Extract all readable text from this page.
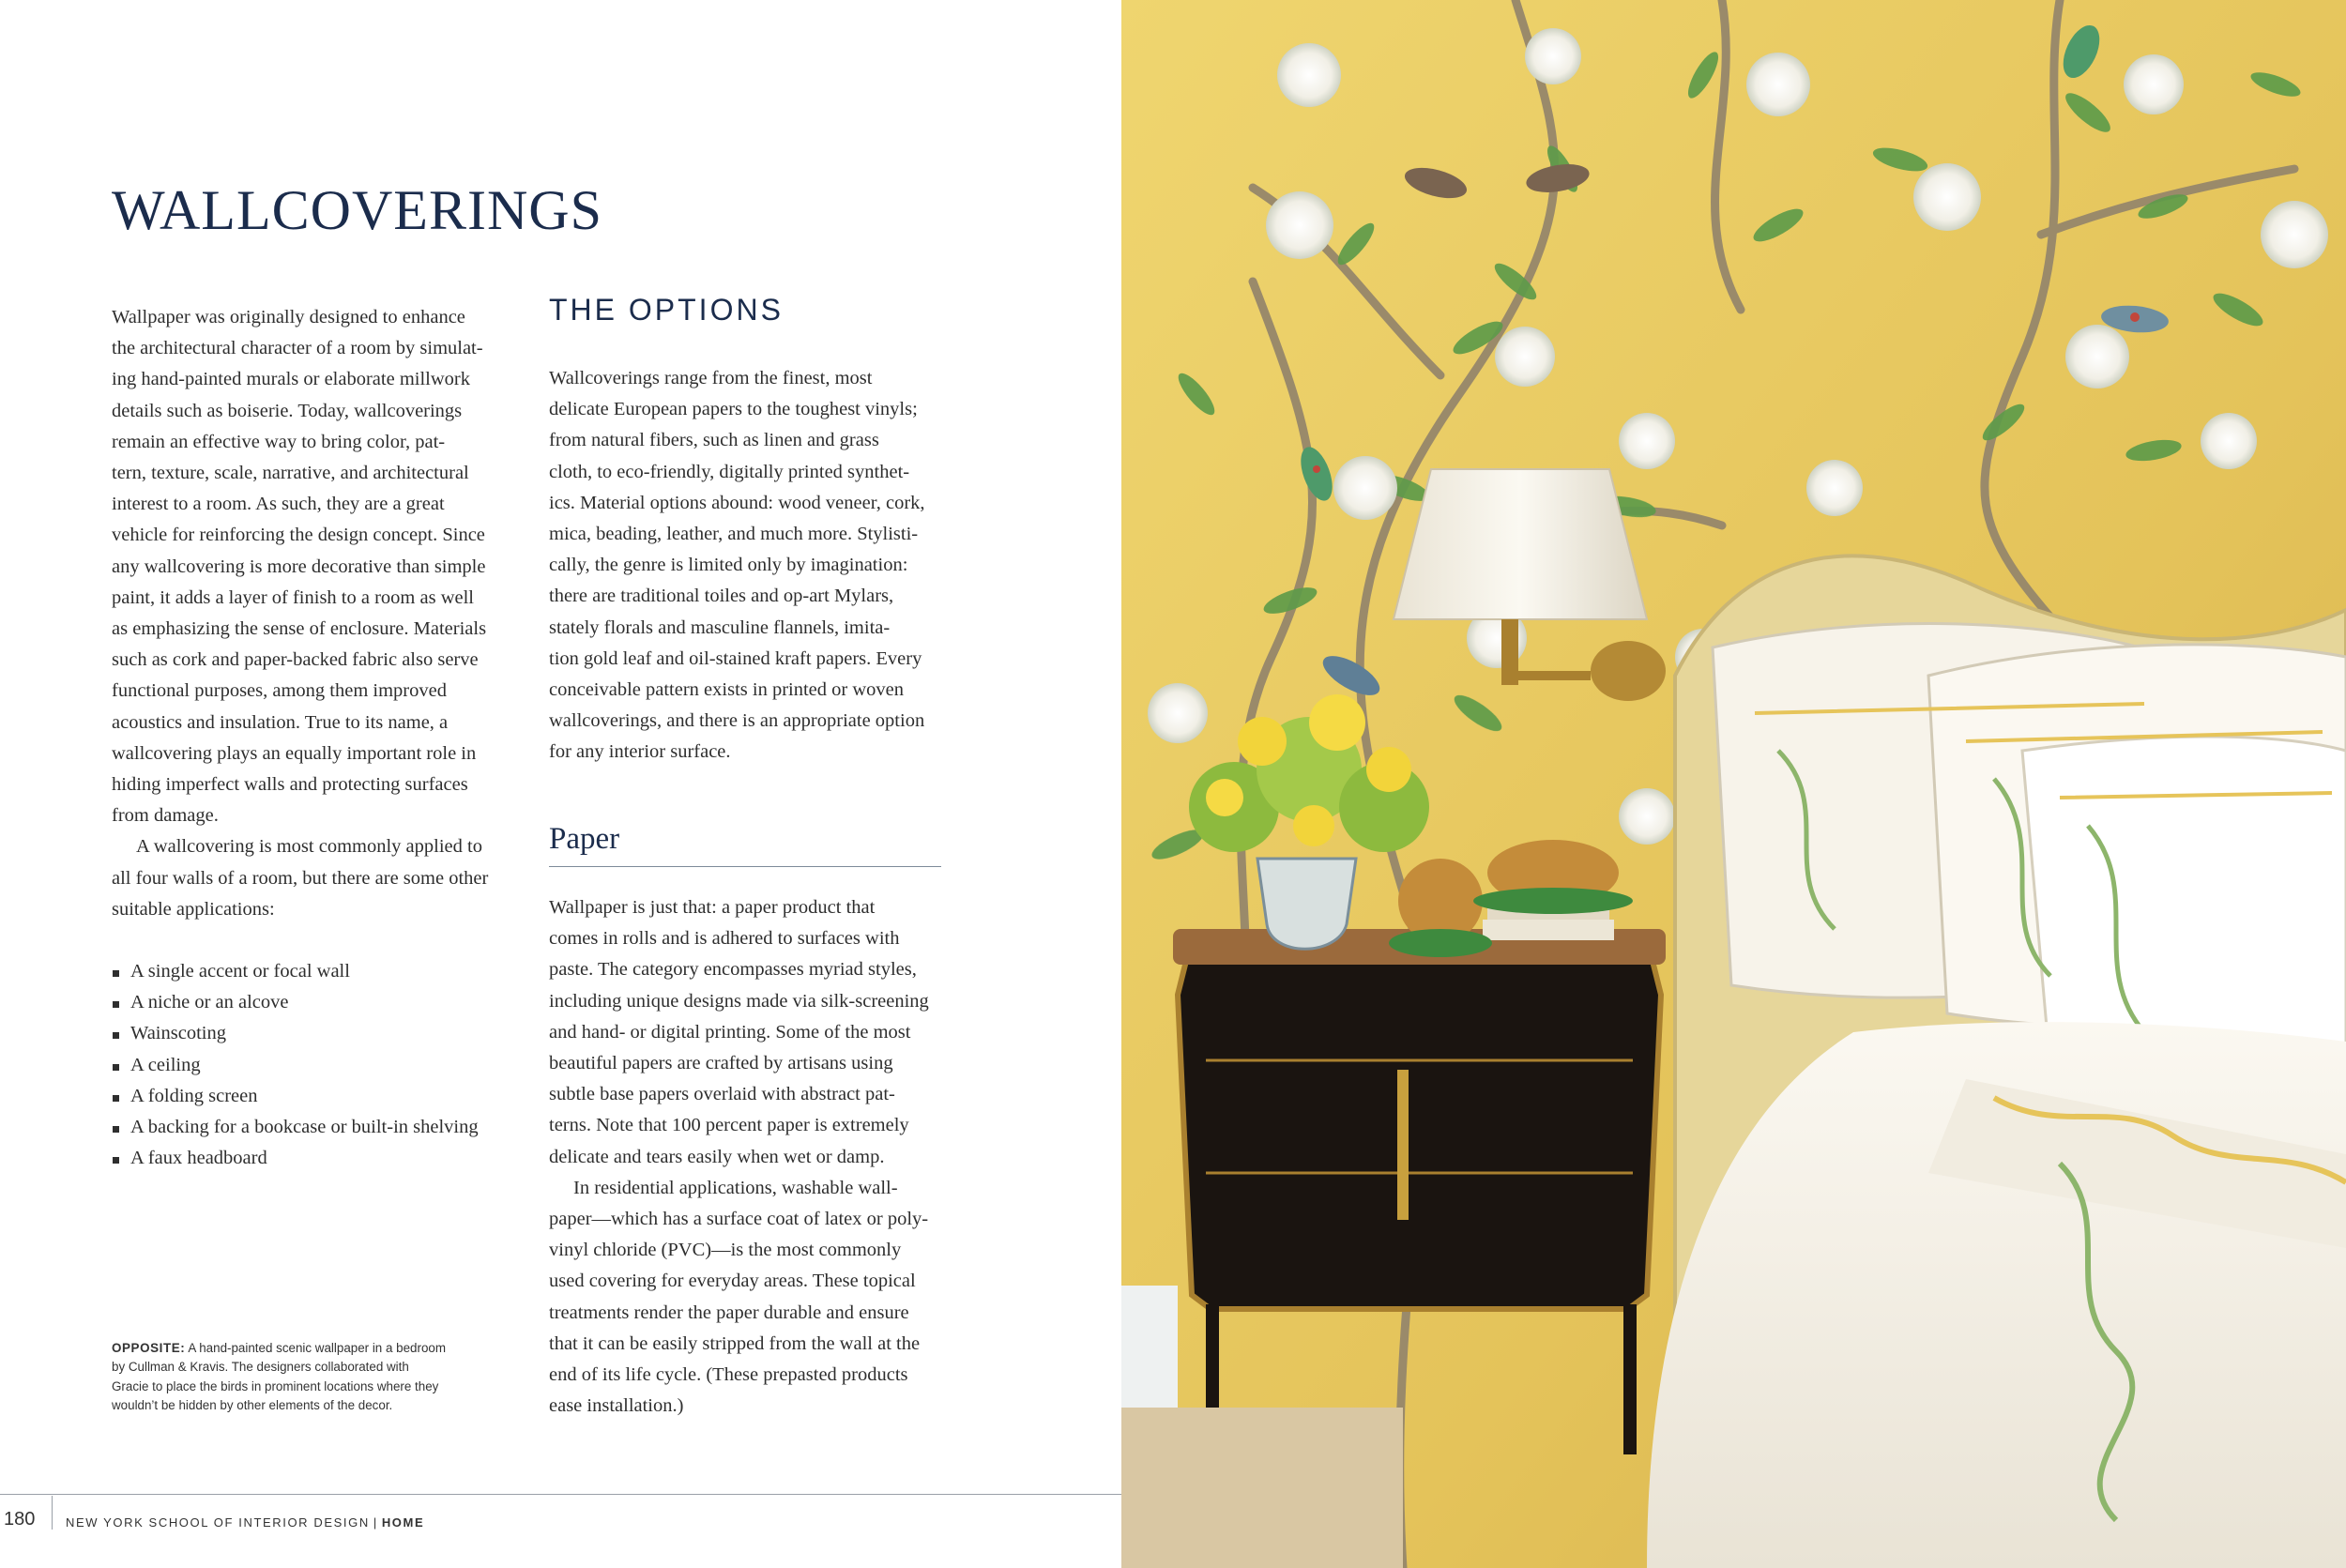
WALLCOVERINGS

Wallpaper was originally designed to enhance

the architectural character of a room by simulat-

ing hand-painted murals or elaborate millwork

details such as boiserie. Today, wallcoverings

remain an effective way to bring color, pat-

tern, texture, scale, narrative, and architectural

interest to a room. As such, they are a great

vehicle for reinforcing the design concept. Since

any wallcovering is more decorative than simple

paint, it adds a layer of finish to a room as well

as emphasizing the sense of enclosure. Materials

such as cork and paper-backed fabric also serve

functional purposes, among them improved

acoustics and insulation. True to its name, a

wallcovering plays an equally important role in

hiding imperfect walls and protecting surfaces

from damage.

A wallcovering is most commonly applied to

all four walls of a room, but there are some other

suitable applications:

A single accent or focal wall
A niche or an alcove
Wainscoting
A ceiling
A folding screen
A backing for a bookcase or built-in shelving
A faux headboard

OPPOSITE: A hand-painted scenic wallpaper in a bedroom

by Cullman & Kravis. The designers collaborated with

Gracie to place the birds in prominent locations where they

wouldn’t be hidden by other elements of the decor.

THE OPTIONS

Wallcoverings range from the finest, most

delicate European papers to the toughest vinyls;

from natural fibers, such as linen and grass

cloth, to eco-friendly, digitally printed synthet-

ics. Material options abound: wood veneer, cork,

mica, beading, leather, and much more. Stylisti-

cally, the genre is limited only by imagination:

there are traditional toiles and op-art Mylars,

stately florals and masculine flannels, imita-

tion gold leaf and oil-stained kraft papers. Every

conceivable pattern exists in printed or woven

wallcoverings, and there is an appropriate option

for any interior surface.

Paper

Wallpaper is just that: a paper product that

comes in rolls and is adhered to surfaces with

paste. The category encompasses myriad styles,

including unique designs made via silk-screening

and hand- or digital printing. Some of the most

beautiful papers are crafted by artisans using

subtle base papers overlaid with abstract pat-

terns. Note that 100 percent paper is extremely

delicate and tears easily when wet or damp.

In residential applications, washable wall-

paper—which has a surface coat of latex or poly-

vinyl chloride (PVC)—is the most commonly

used covering for everyday areas. These topical

treatments render the paper durable and ensure

that it can be easily stripped from the wall at the

end of its life cycle. (These prepasted products

ease installation.)

180	NEW YORK SCHOOL OF INTERIOR DESIGN | HOME
